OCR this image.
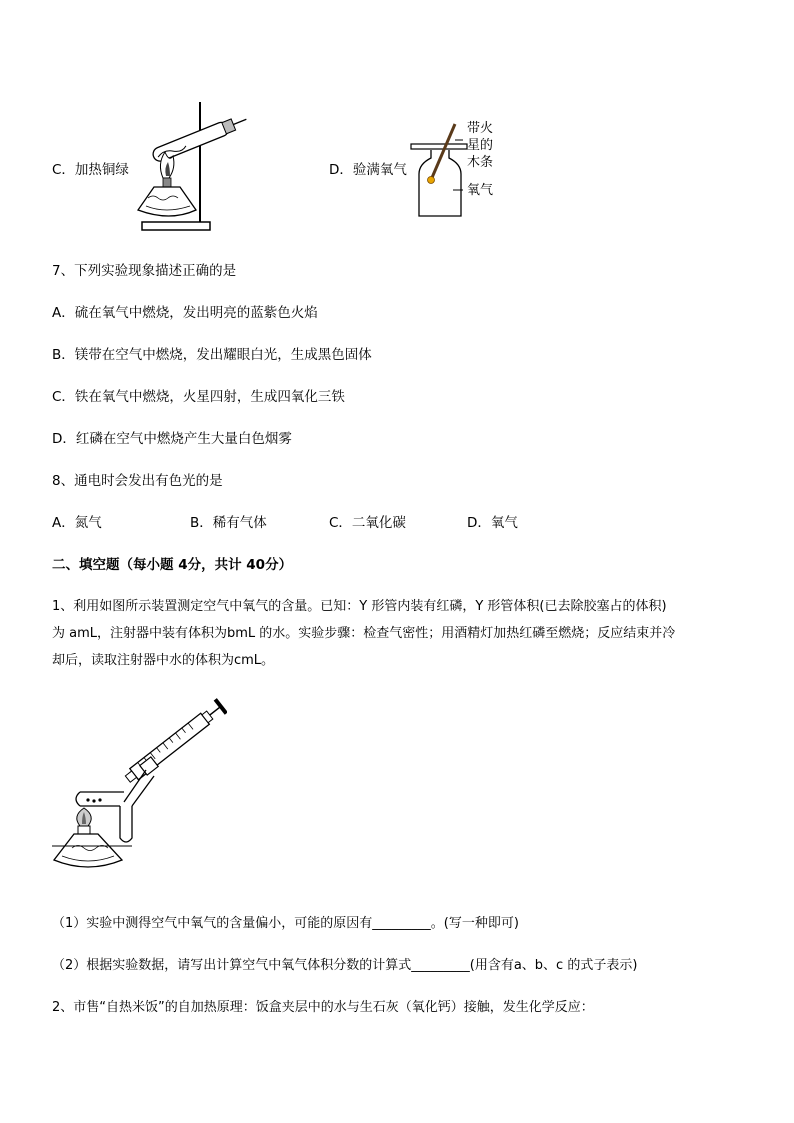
C．加热铜绿	D．验满氧气
带火
星的
木条
氧气
7、下列实验现象描述正确的是
A．硫在氧气中燃烧，发出明亮的蓝紫色火焰
B．镁带在空气中燃烧，发出耀眼白光，生成黑色固体
C．铁在氧气中燃烧，火星四射，生成四氧化三铁
D．红磷在空气中燃烧产生大量白色烟雾
8、通电时会发出有色光的是
A．氮气	B．稀有气体	C．二氧化碳	D．氧气
二、填空题（每小题 4分，共计 40分）
1、利用如图所示装置测定空气中氧气的含量。已知：Y 形管内装有红磷，Y 形管体积(已去除胶塞占的体积)
为 amL，注射器中装有体积为bmL 的水。实验步骤：检查气密性；用酒精灯加热红磷至燃烧；反应结束并冷
却后，读取注射器中水的体积为cmL。
（1）实验中测得空气中氧气的含量偏小，可能的原因有_________。(写一种即可)
（2）根据实验数据，请写出计算空气中氧气体积分数的计算式_________(用含有a、b、c 的式子表示)
2、市售“自热米饭”的自加热原理：饭盒夹层中的水与生石灰（氧化钙）接触，发生化学反应：
